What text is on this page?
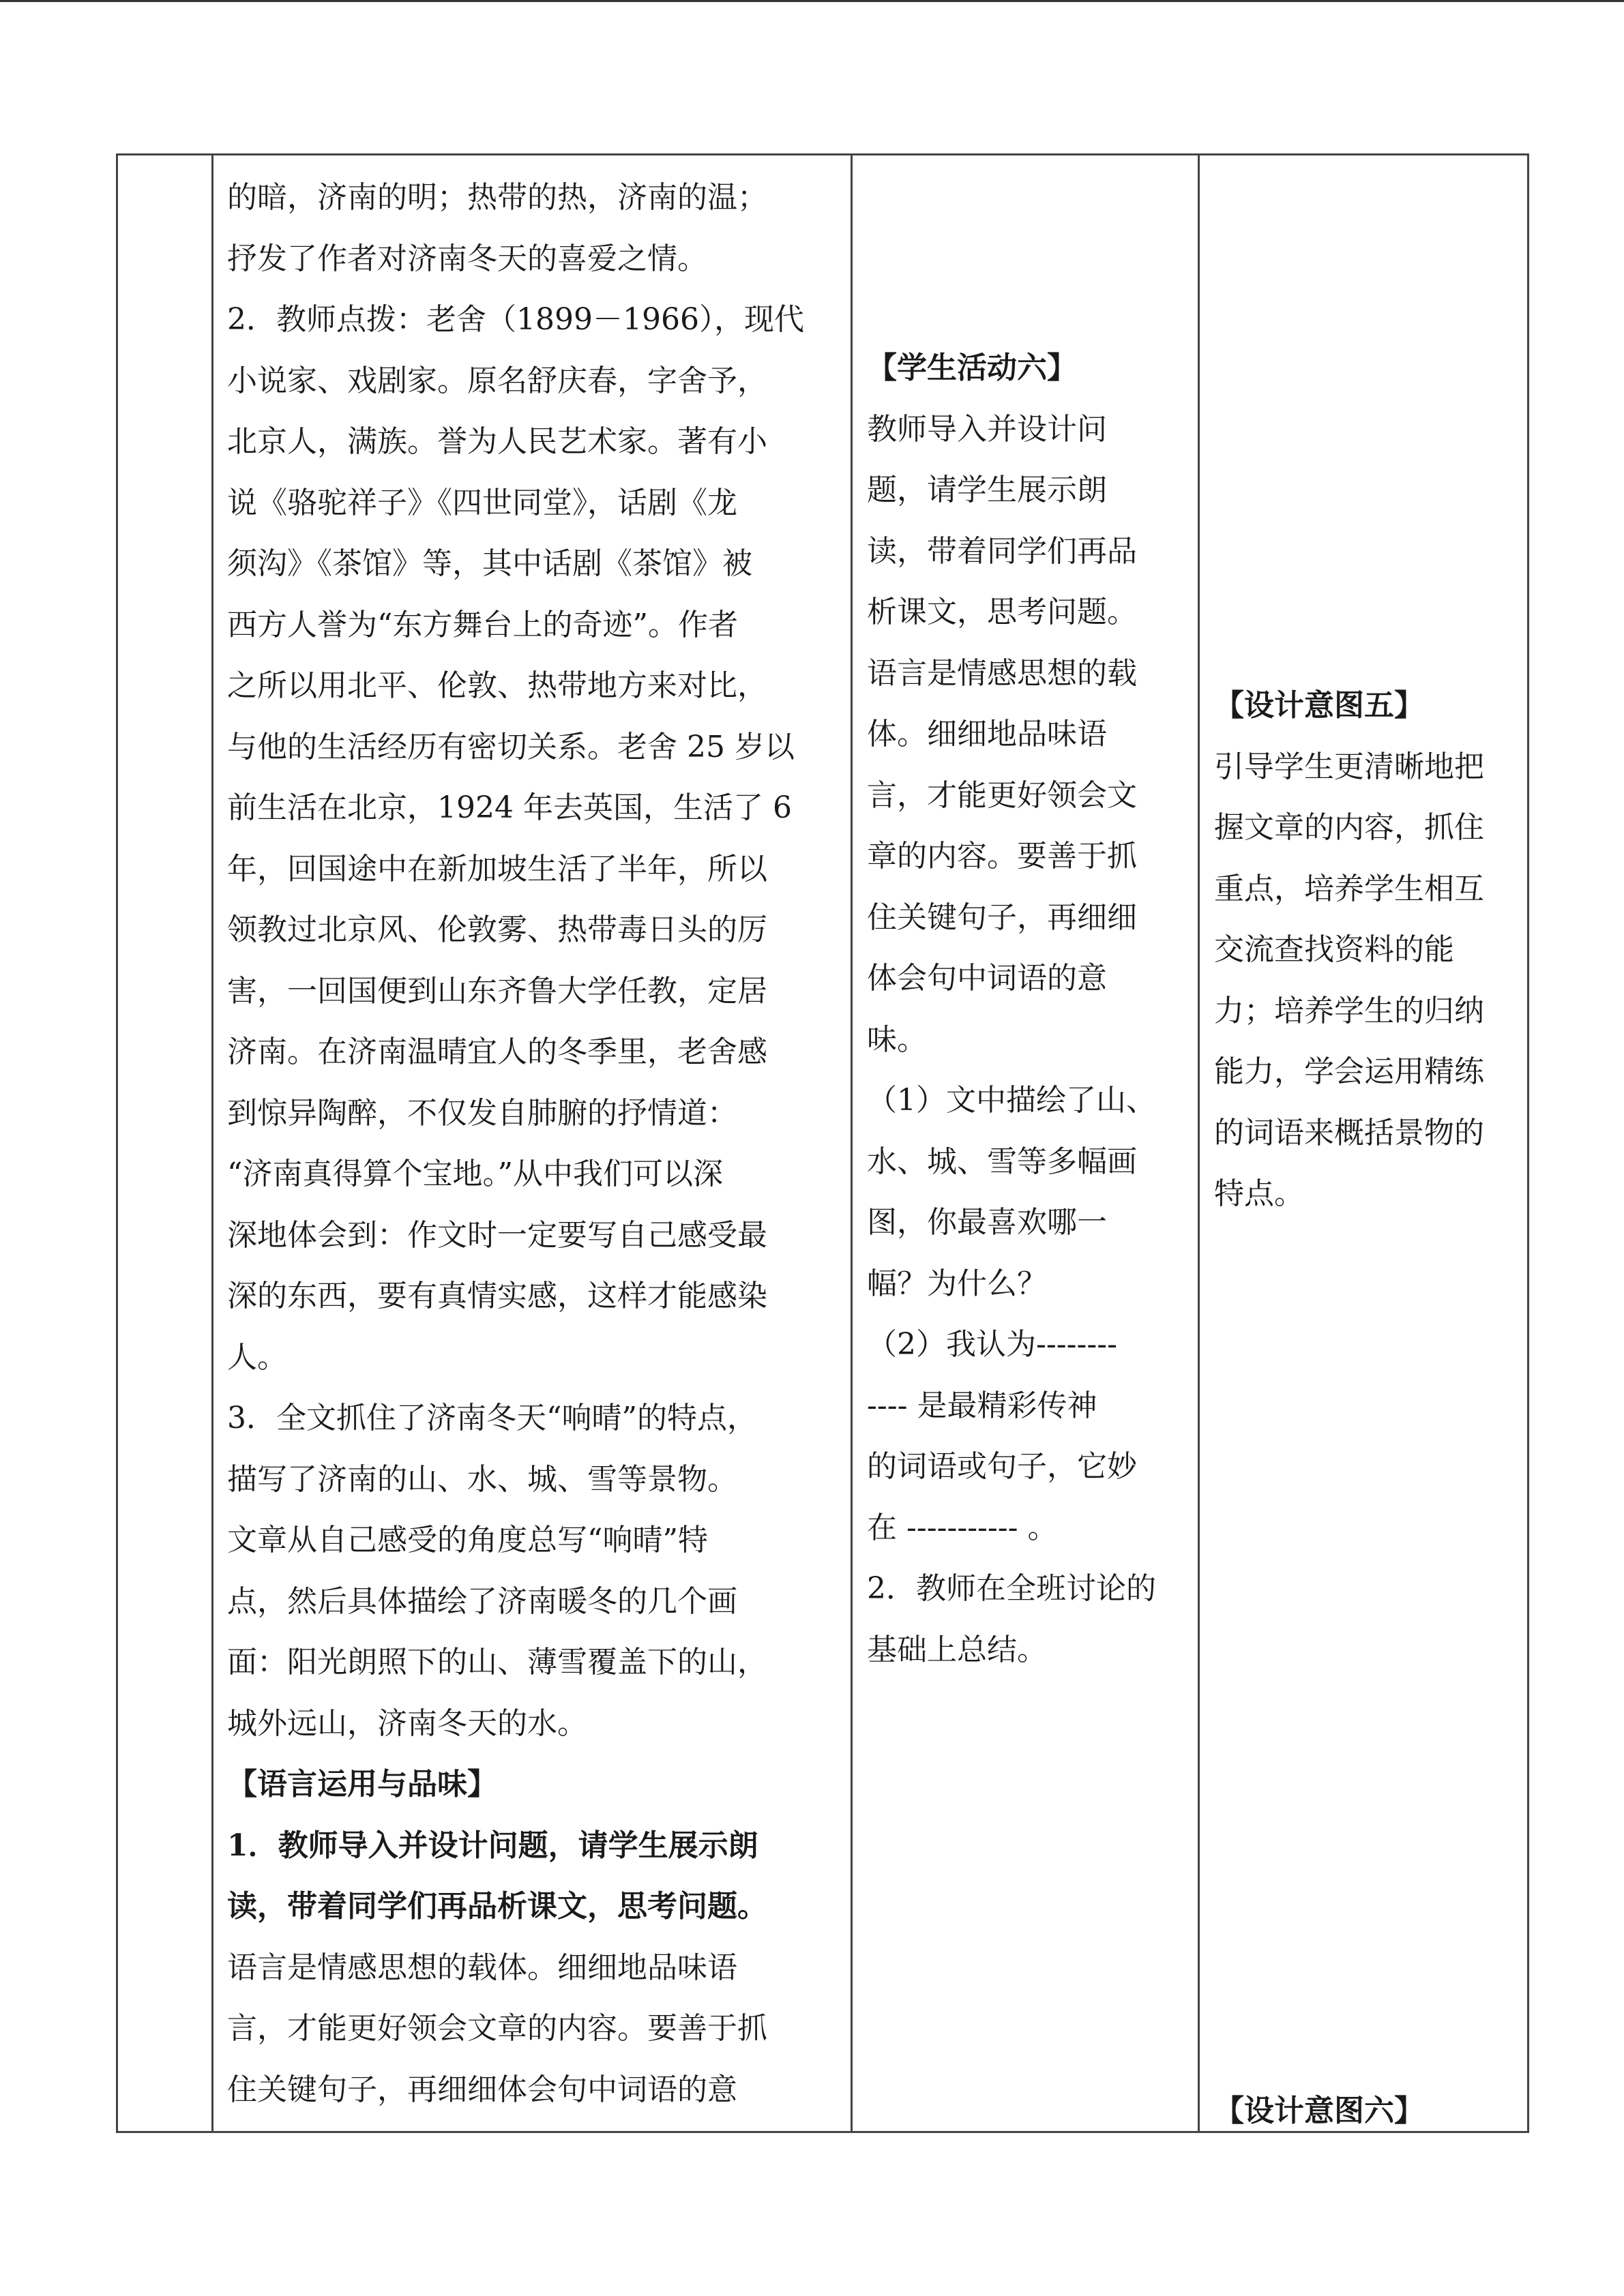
的暗，济南的明；热带的热，济南的温；

抒发了作者对济南冬天的喜爱之情。

2．教师点拨：老舍（1899－1966），现代

小说家、戏剧家。原名舒庆春，字舍予，

北京人，满族。誉为人民艺术家。著有小

说《骆驼祥子》《四世同堂》，话剧《龙

须沟》《茶馆》等，其中话剧《茶馆》被

西方人誉为“东方舞台上的奇迹”。作者

之所以用北平、伦敦、热带地方来对比，

与他的生活经历有密切关系。老舍 25 岁以

前生活在北京，1924 年去英国，生活了 6

年，回国途中在新加坡生活了半年，所以

领教过北京风、伦敦雾、热带毒日头的厉

害，一回国便到山东齐鲁大学任教，定居

济南。在济南温晴宜人的冬季里，老舍感

到惊异陶醉，不仅发自肺腑的抒情道：

“济南真得算个宝地。”从中我们可以深

深地体会到：作文时一定要写自己感受最

深的东西，要有真情实感，这样才能感染

人。

3．全文抓住了济南冬天“响晴”的特点，

描写了济南的山、水、城、雪等景物。

文章从自己感受的角度总写“响晴”特

点，然后具体描绘了济南暖冬的几个画

面：阳光朗照下的山、薄雪覆盖下的山，

城外远山，济南冬天的水。

【语言运用与品味】

1．教师导入并设计问题，请学生展示朗

读，带着同学们再品析课文，思考问题。

语言是情感思想的载体。细细地品味语

言，才能更好领会文章的内容。要善于抓

住关键句子，再细细体会句中词语的意

【学生活动六】

教师导入并设计问

题，请学生展示朗

读，带着同学们再品

析课文，思考问题。

语言是情感思想的载

体。细细地品味语

言，才能更好领会文

章的内容。要善于抓

住关键句子，再细细

体会句中词语的意

味。

（1）文中描绘了山、

水、城、雪等多幅画

图，你最喜欢哪一

幅？为什么？

（2）我认为--------

---- 是最精彩传神

的词语或句子，它妙

在 ----------- 。

2．教师在全班讨论的

基础上总结。

【设计意图五】

引导学生更清晰地把

握文章的内容，抓住

重点，培养学生相互

交流查找资料的能

力；培养学生的归纳

能力，学会运用精练

的词语来概括景物的

特点。

【设计意图六】
